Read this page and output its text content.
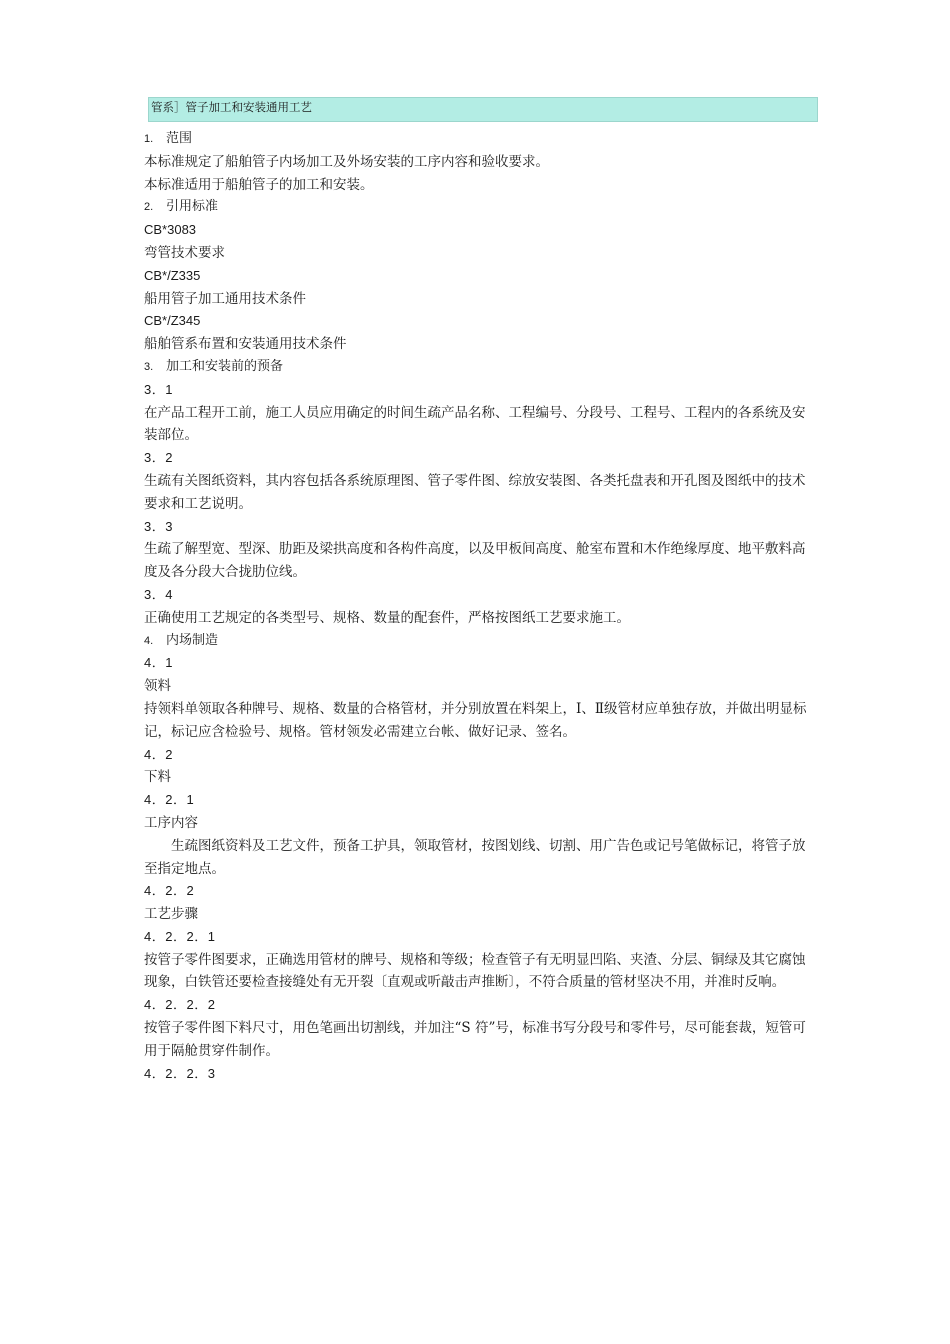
管系］管子加工和安装通用工艺
1. 范围
本标准规定了船舶管子内场加工及外场安装的工序内容和验收要求。
本标准适用于船舶管子的加工和安装。
2. 引用标准
CB*3083
弯管技术要求
CB*/Z335
船用管子加工通用技术条件
CB*/Z345
船舶管系布置和安装通用技术条件
3. 加工和安装前的预备
3．1
在产品工程开工前，施工人员应用确定的时间生疏产品名称、工程编号、分段号、工程号、工程内的各系统及安装部位。
3．2
生疏有关图纸资料，其内容包括各系统原理图、管子零件图、综放安装图、各类托盘表和开孔图及图纸中的技术要求和工艺说明。
3．3
生疏了解型宽、型深、肋距及梁拱高度和各构件高度，以及甲板间高度、舱室布置和木作绝缘厚度、地平敷料高度及各分段大合拢肋位线。
3．4
正确使用工艺规定的各类型号、规格、数量的配套件，严格按图纸工艺要求施工。
4. 内场制造
4．1
领料
持领料单领取各种牌号、规格、数量的合格管材，并分别放置在料架上，Ⅰ、Ⅱ级管材应单独存放，并做出明显标记，标记应含检验号、规格。管材领发必需建立台帐、做好记录、签名。
4．2
下料
4．2．1
工序内容
生疏图纸资料及工艺文件，预备工护具，领取管材，按图划线、切割、用广告色或记号笔做标记，将管子放至指定地点。
4．2．2
工艺步骤
4．2．2．1
按管子零件图要求，正确选用管材的牌号、规格和等级；检查管子有无明显凹陷、夹渣、分层、铜绿及其它腐蚀现象，白铁管还要检查接缝处有无开裂〔直观或听敲击声推断〕，不符合质量的管材坚决不用，并准时反响。
4．2．2．2
按管子零件图下料尺寸，用色笔画出切割线，并加注“S 符”号，标准书写分段号和零件号，尽可能套裁，短管可用于隔舱贯穿件制作。
4．2．2．3
